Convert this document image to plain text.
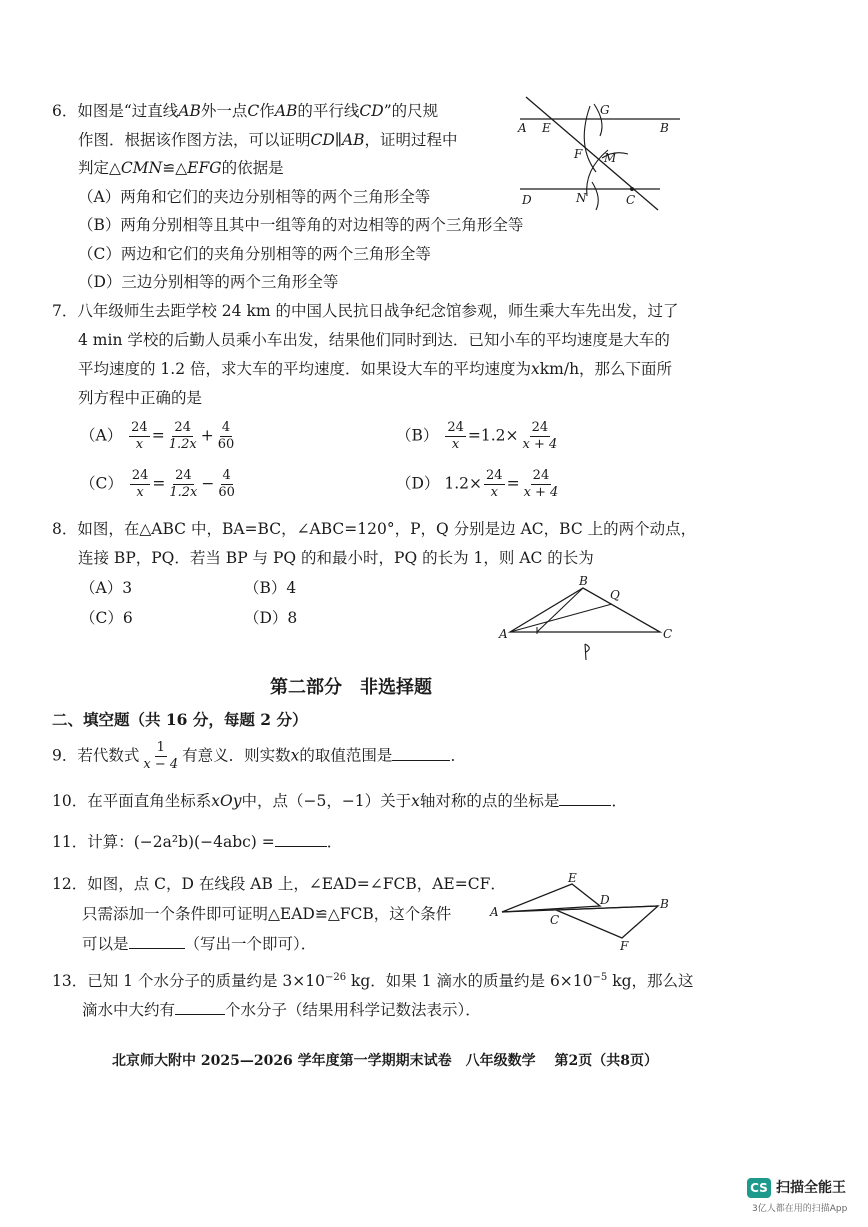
6．如图是“过直线AB外一点C作AB的平行线CD”的尺规
作图．根据该作图方法，可以证明CD∥AB，证明过程中
判定△CMN≌△EFG的依据是
（A）两角和它们的夹边分别相等的两个三角形全等
（B）两角分别相等且其中一组等角的对边相等的两个三角形全等
（C）两边和它们的夹角分别相等的两个三角形全等
（D）三边分别相等的两个三角形全等
A E
G
B
F M
D	N	C
7．八年级师生去距学校 24 km 的中国人民抗日战争纪念馆参观，师生乘大车先出发，过了
4 min 学校的后勤人员乘小车出发，结果他们同时到达．已知小车的平均速度是大车的
平均速度的 1.2 倍，求大车的平均速度．如果设大车的平均速度为xkm/h，那么下面所
列方程中正确的是
$(A) \frac{24}{x} = \frac{24}{1.2x} + \frac{4}{60}$	$(B) \frac{24}{x} =1.2\times \frac{24}{x + 4}$
$(C) \frac{24}{x} = \frac{24}{1.2x} - \frac{4}{60}$	（D） $1.2\times \frac{24}{x} = \frac{24}{x + 4}$
8．如图，在△ABC 中，BA=BC，∠ABC=120°，P，Q 分别是边 AC，BC 上的两个动点，
连接 BP，PQ．若当 BP 与 PQ 的和最小时，PQ 的长为 1，则 AC 的长为
（A）3	（B）4
（C）6	（D）8
A
B
Q
C
第二部分　非选择题
二、填空题（共 16 分，每题 2 分）
9．若代数式 $\frac{1}{x - 4}$ 有意义．则实数x的取值范围是	．
10．在平面直角坐标系xOy中，点（−5，−1）关于x轴对称的点的坐标是	．
11．计算：(−2a²b)(−4abc) =	．
12．如图，点 C，D 在线段 AB 上，∠EAD=∠FCB，AE=CF．
只需添加一个条件即可证明△EAD≌△FCB，这个条件
可以是	（写出一个即可）．
A
E
D	B
C
F
13．已知 1 个水分子的质量约是 $3\times 10^{-26}$ kg．如果 1 滴水的质量约是 $6\times 10^{-5}$ kg，那么这
滴水中大约有	个水分子（结果用科学记数法表示）．
北京师大附中 2025—2026 学年度第一学期期末试卷　八年级数学　 第2页（共8页）
CS 扫描全能王
3亿人都在用的扫描App
